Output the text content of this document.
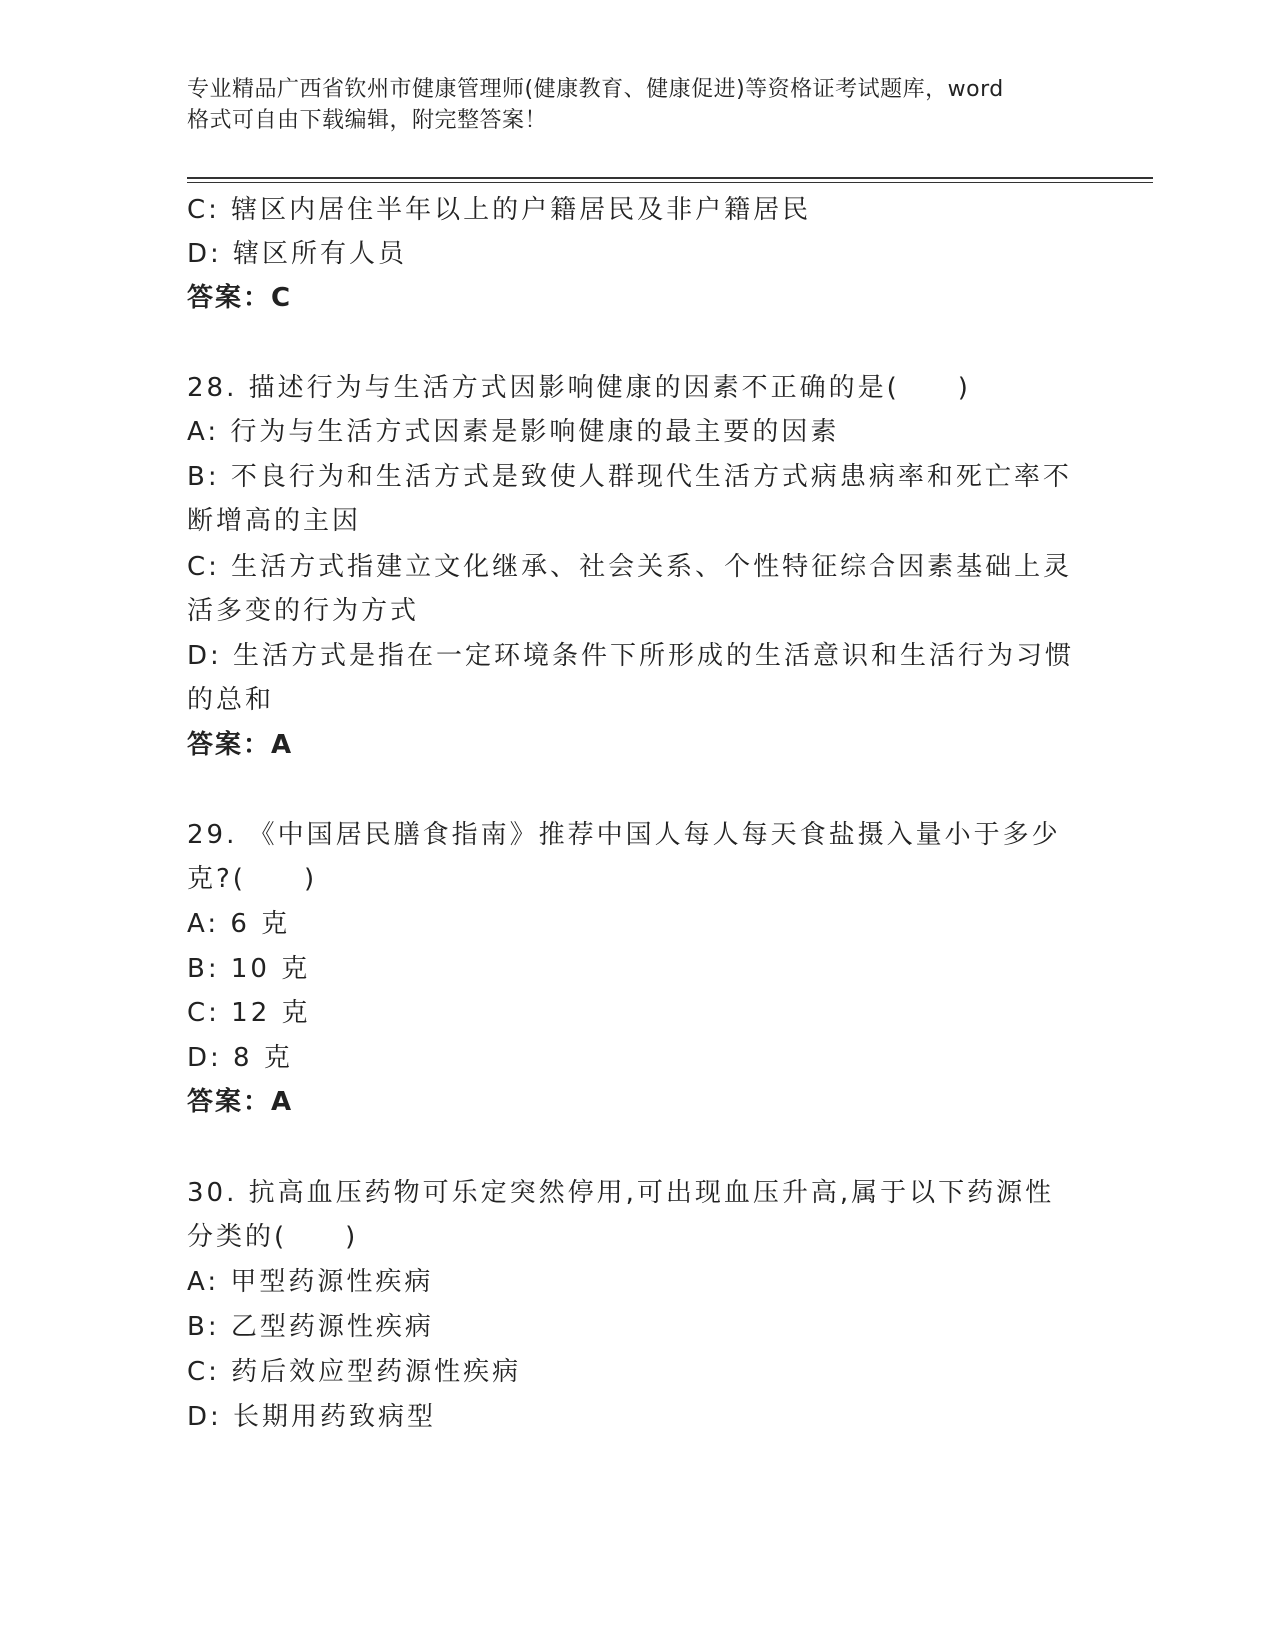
专业精品广西省钦州市健康管理师(健康教育、健康促进)等资格证考试题库，word
格式可自由下载编辑，附完整答案！
C: 辖区内居住半年以上的户籍居民及非户籍居民
D: 辖区所有人员
答案：C
28. 描述行为与生活方式因影响健康的因素不正确的是(　　)
A: 行为与生活方式因素是影响健康的最主要的因素
B: 不良行为和生活方式是致使人群现代生活方式病患病率和死亡率不
断增高的主因
C: 生活方式指建立文化继承、社会关系、个性特征综合因素基础上灵
活多变的行为方式
D: 生活方式是指在一定环境条件下所形成的生活意识和生活行为习惯
的总和
答案：A
29. 《中国居民膳食指南》推荐中国人每人每天食盐摄入量小于多少
克?(　　)
A: 6 克
B: 10 克
C: 12 克
D: 8 克
答案：A
30. 抗高血压药物可乐定突然停用,可出现血压升高,属于以下药源性
分类的(　　)
A: 甲型药源性疾病
B: 乙型药源性疾病
C: 药后效应型药源性疾病
D: 长期用药致病型
